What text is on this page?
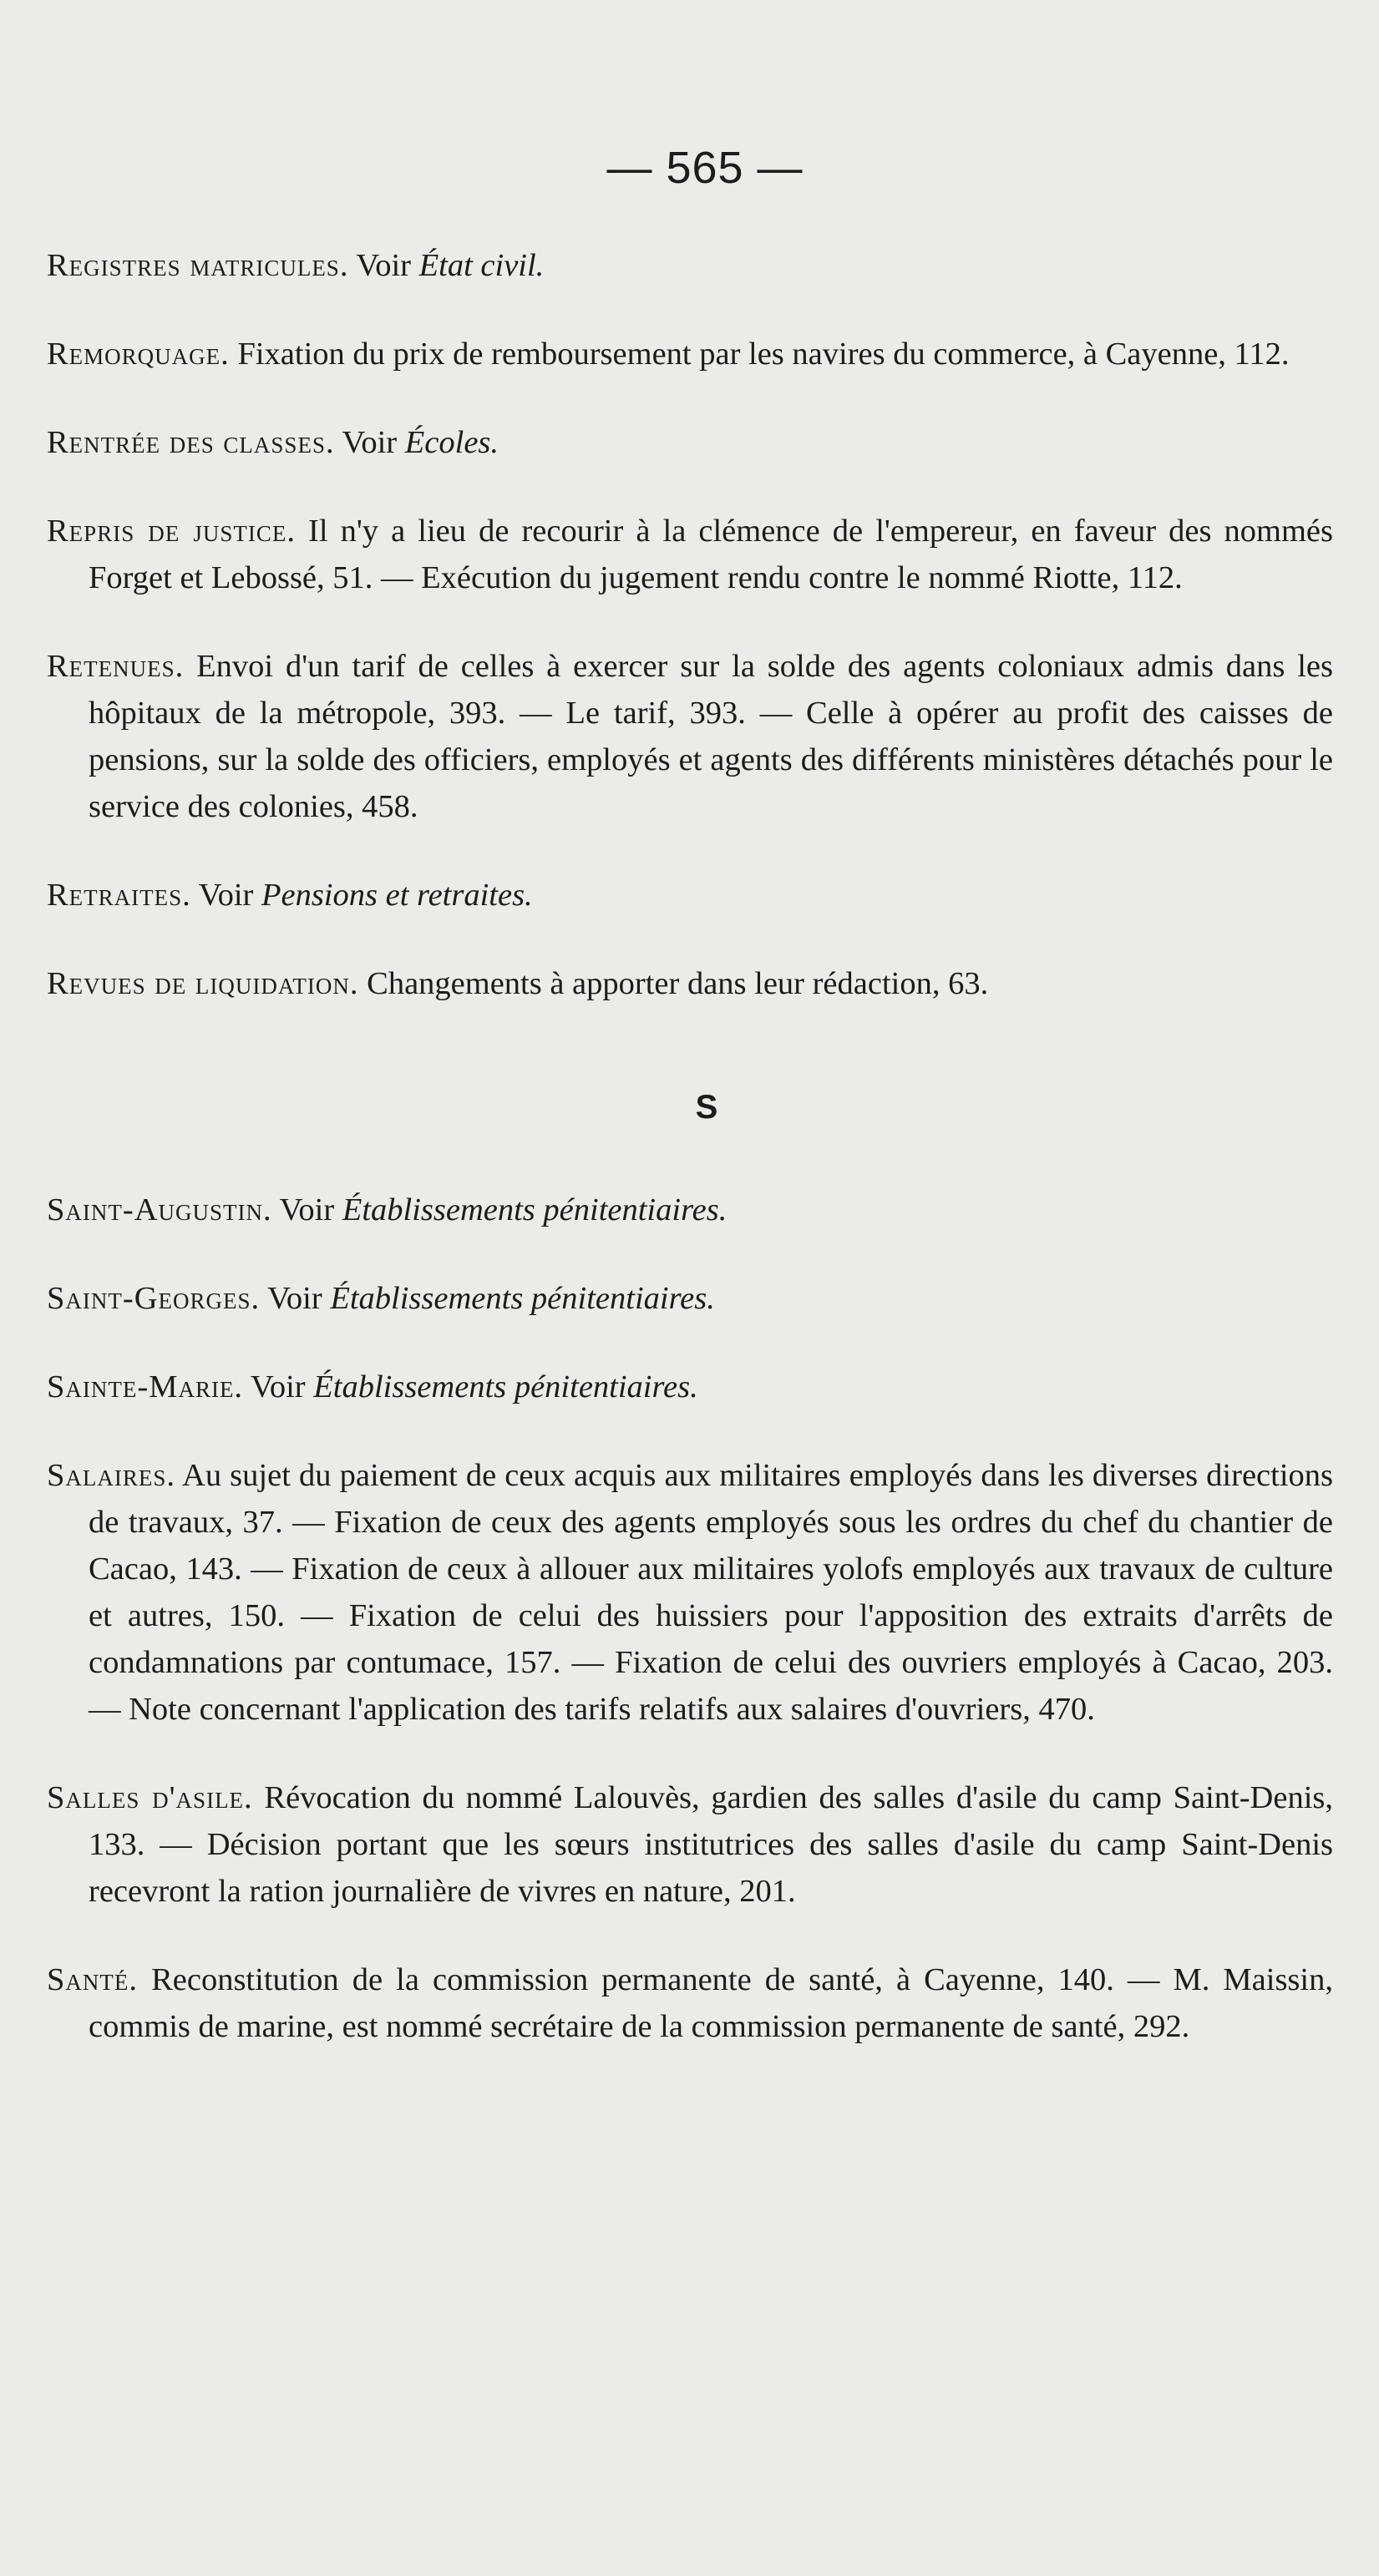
— 565 —

Registres matricules. Voir État civil.

Remorquage. Fixation du prix de remboursement par les navires du commerce, à Cayenne, 112.

Rentrée des classes. Voir Écoles.

Repris de justice. Il n'y a lieu de recourir à la clémence de l'empereur, en faveur des nommés Forget et Lebossé, 51. — Exécution du jugement rendu contre le nommé Riotte, 112.

Retenues. Envoi d'un tarif de celles à exercer sur la solde des agents coloniaux admis dans les hôpitaux de la métropole, 393. — Le tarif, 393. — Celle à opérer au profit des caisses de pensions, sur la solde des officiers, employés et agents des différents ministères détachés pour le service des colonies, 458.

Retraites. Voir Pensions et retraites.

Revues de liquidation. Changements à apporter dans leur rédaction, 63.

S

Saint-Augustin. Voir Établissements pénitentiaires.

Saint-Georges. Voir Établissements pénitentiaires.

Sainte-Marie. Voir Établissements pénitentiaires.

Salaires. Au sujet du paiement de ceux acquis aux militaires employés dans les diverses directions de travaux, 37. — Fixation de ceux des agents employés sous les ordres du chef du chantier de Cacao, 143. — Fixation de ceux à allouer aux militaires yolofs employés aux travaux de culture et autres, 150. — Fixation de celui des huissiers pour l'apposition des extraits d'arrêts de condamnations par contumace, 157. — Fixation de celui des ouvriers employés à Cacao, 203. — Note concernant l'application des tarifs relatifs aux salaires d'ouvriers, 470.

Salles d'asile. Révocation du nommé Lalouvès, gardien des salles d'asile du camp Saint-Denis, 133. — Décision portant que les sœurs institutrices des salles d'asile du camp Saint-Denis recevront la ration journalière de vivres en nature, 201.

Santé. Reconstitution de la commission permanente de santé, à Cayenne, 140. — M. Maissin, commis de marine, est nommé secrétaire de la commission permanente de santé, 292.
